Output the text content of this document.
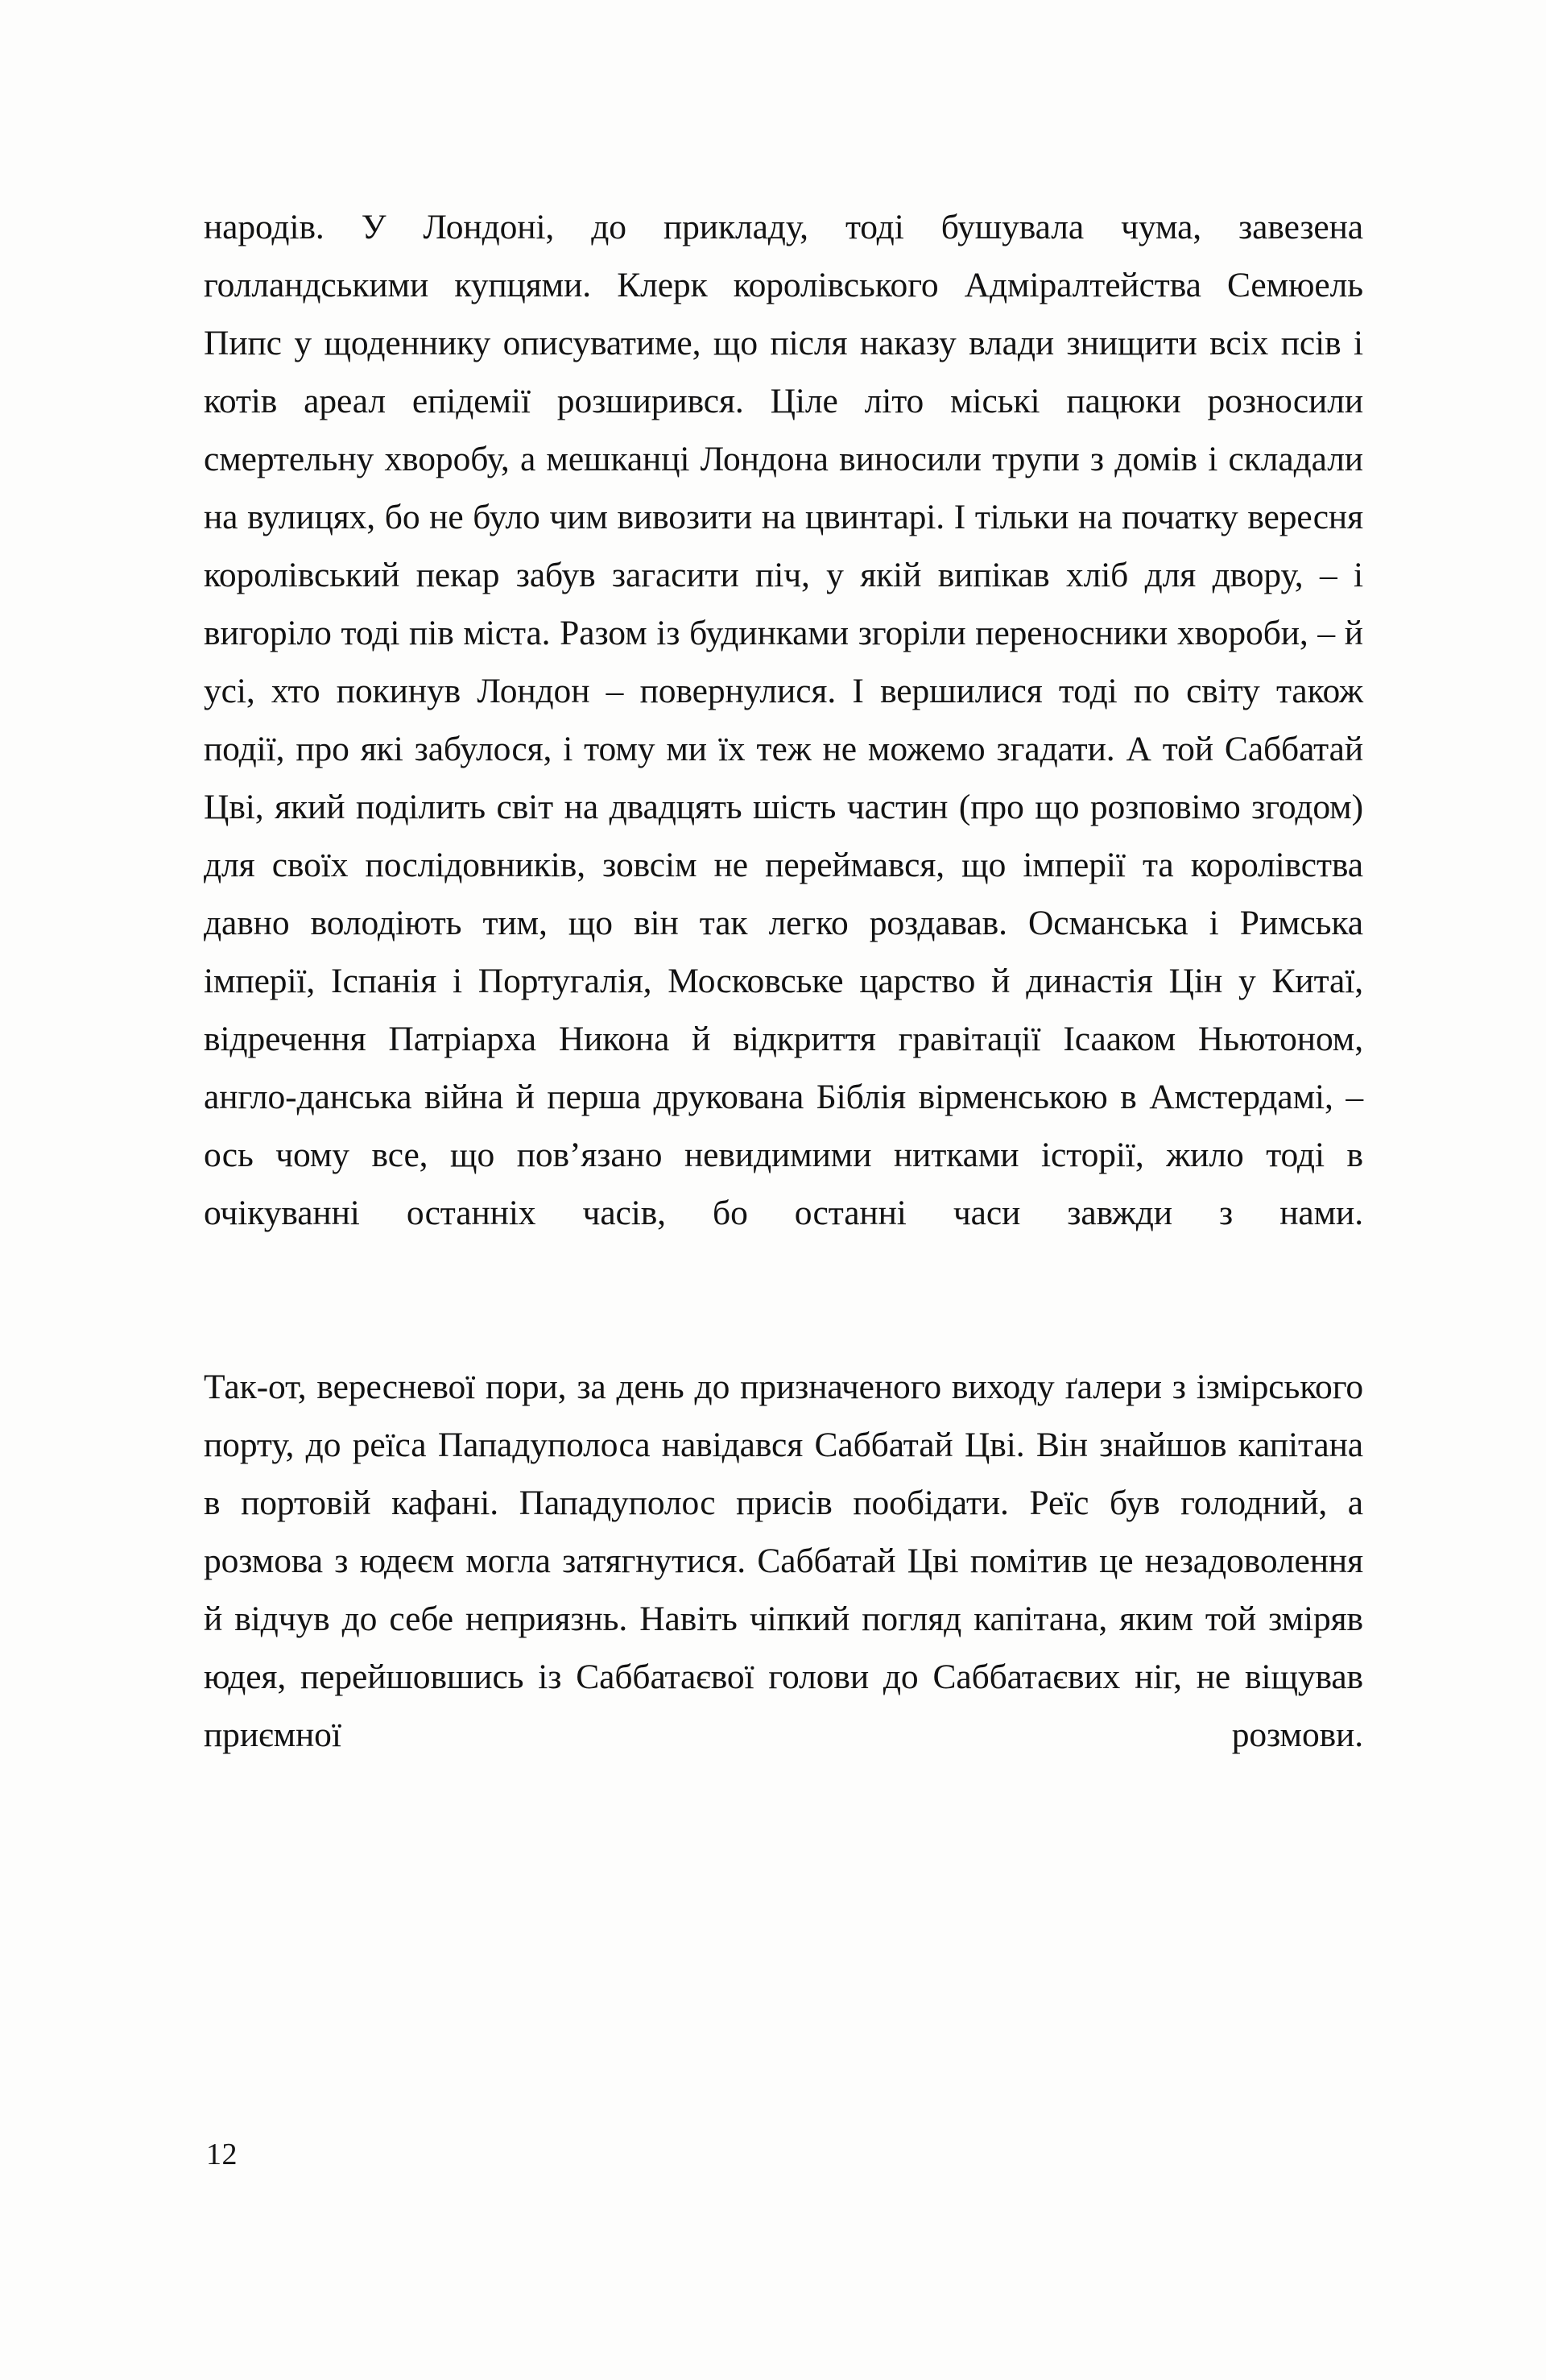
народів. У Лондоні, до прикладу, тоді бушувала чума, завезена голландськими купцями. Клерк королівського Адміралтейства Семюель Пипс у щоденнику описуватиме, що після наказу влади знищити всіх псів і котів ареал епідемії розширився. Ціле літо міські пацюки розносили смертельну хворобу, а мешканці Лондона виносили трупи з домів і складали на вулицях, бо не було чим вивозити на цвинтарі. І тільки на початку вересня королівський пекар забув загасити піч, у якій випікав хліб для двору, – і вигоріло тоді пів міста. Разом із будинками згоріли переносники хвороби, – й усі, хто покинув Лондон – повернулися. І вершилися тоді по світу також події, про які забулося, і тому ми їх теж не можемо згадати. А той Саббатай Цві, який поділить світ на двадцять шість частин (про що розповімо згодом) для своїх послідовників, зовсім не переймався, що імперії та королівства давно володіють тим, що він так легко роздавав. Османська і Римська імперії, Іспанія і Португалія, Московське царство й династія Цін у Китаї, відречення Патріарха Никона й відкриття гравітації Ісааком Ньютоном, англо-данська війна й перша друкована Біблія вірменською в Амстердамі, – ось чому все, що пов’язано невидимими нитками історії, жило тоді в очікуванні останніх часів, бо останні часи завжди з нами.

Так-от, вересневої пори, за день до призначеного виходу ґалери з ізмірського порту, до реїса Пападуполоса навідався Саббатай Цві. Він знайшов капітана в портовій кафані. Пападуполос присів пообідати. Реїс був голодний, а розмова з юдеєм могла затягнутися. Саббатай Цві помітив це незадоволення й відчув до себе неприязнь. Навіть чіпкий погляд капітана, яким той зміряв юдея, перейшовшись із Саббатаєвої голови до Саббатаєвих ніг, не віщував приємної розмови.

12
